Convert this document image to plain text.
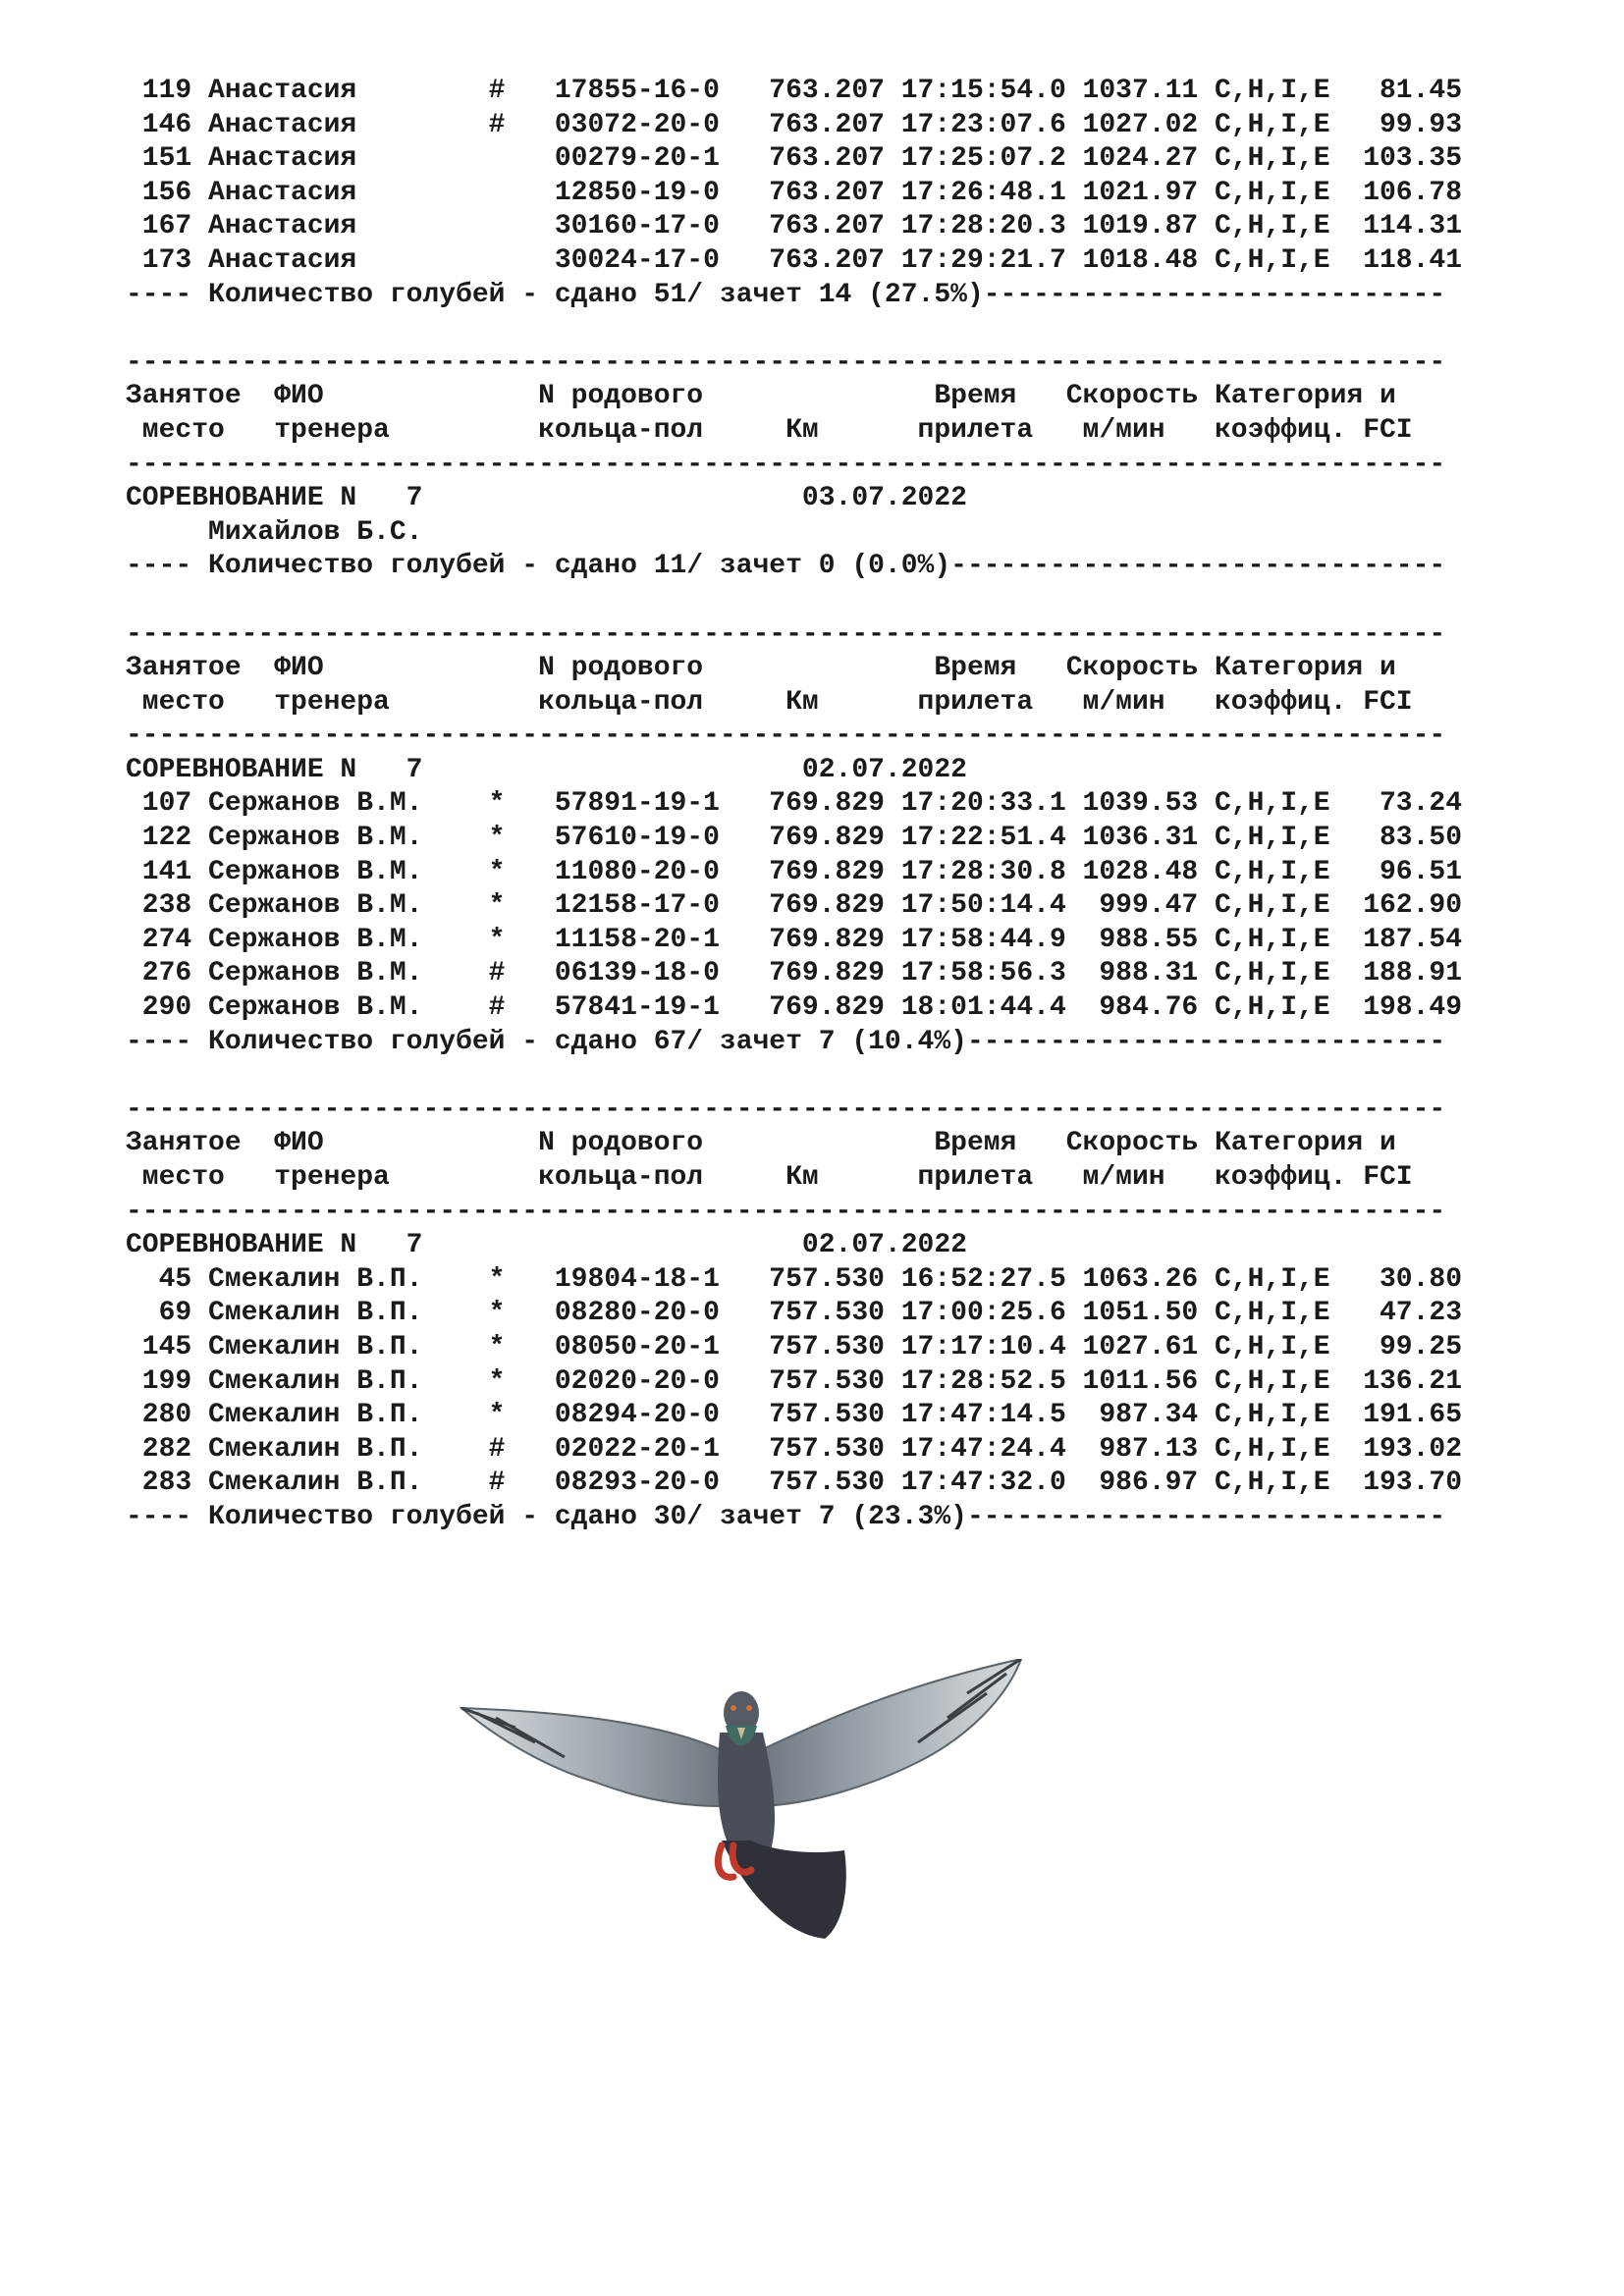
119 Анастасия        #   17855-16-0   763.207 17:15:54.0 1037.11 C,H,I,E   81.45
146 Анастасия        #   03072-20-0   763.207 17:23:07.6 1027.02 C,H,I,E   99.93
151 Анастасия            00279-20-1   763.207 17:25:07.2 1024.27 C,H,I,E  103.35
156 Анастасия            12850-19-0   763.207 17:26:48.1 1021.97 C,H,I,E  106.78
167 Анастасия            30160-17-0   763.207 17:28:20.3 1019.87 C,H,I,E  114.31
173 Анастасия            30024-17-0   763.207 17:29:21.7 1018.48 C,H,I,E  118.41
---- Количество голубей - сдано 51/ зачет 14 (27.5%)----------------------------
--------------------------------------------------------------------------------
Занятое  ФИО             N родового              Время   Скорость Категория и
место   тренера         кольца-пол     Км      прилета   м/мин   коэффиц. FCI
--------------------------------------------------------------------------------
СОРЕВНОВАНИЕ N   7                       03.07.2022
Михайлов Б.С.
---- Количество голубей - сдано 11/ зачет 0 (0.0%)------------------------------
--------------------------------------------------------------------------------
Занятое  ФИО             N родового              Время   Скорость Категория и
место   тренера         кольца-пол     Км      прилета   м/мин   коэффиц. FCI
--------------------------------------------------------------------------------
СОРЕВНОВАНИЕ N   7                       02.07.2022
107 Сержанов В.М.    *   57891-19-1   769.829 17:20:33.1 1039.53 C,H,I,E   73.24
122 Сержанов В.М.    *   57610-19-0   769.829 17:22:51.4 1036.31 C,H,I,E   83.50
141 Сержанов В.М.    *   11080-20-0   769.829 17:28:30.8 1028.48 C,H,I,E   96.51
238 Сержанов В.М.    *   12158-17-0   769.829 17:50:14.4  999.47 C,H,I,E  162.90
274 Сержанов В.М.    *   11158-20-1   769.829 17:58:44.9  988.55 C,H,I,E  187.54
276 Сержанов В.М.    #   06139-18-0   769.829 17:58:56.3  988.31 C,H,I,E  188.91
290 Сержанов В.М.    #   57841-19-1   769.829 18:01:44.4  984.76 C,H,I,E  198.49
---- Количество голубей - сдано 67/ зачет 7 (10.4%)-----------------------------
--------------------------------------------------------------------------------
Занятое  ФИО             N родового              Время   Скорость Категория и
место   тренера         кольца-пол     Км      прилета   м/мин   коэффиц. FCI
--------------------------------------------------------------------------------
СОРЕВНОВАНИЕ N   7                       02.07.2022
45 Смекалин В.П.    *   19804-18-1   757.530 16:52:27.5 1063.26 C,H,I,E   30.80
69 Смекалин В.П.    *   08280-20-0   757.530 17:00:25.6 1051.50 C,H,I,E   47.23
145 Смекалин В.П.    *   08050-20-1   757.530 17:17:10.4 1027.61 C,H,I,E   99.25
199 Смекалин В.П.    *   02020-20-0   757.530 17:28:52.5 1011.56 C,H,I,E  136.21
280 Смекалин В.П.    *   08294-20-0   757.530 17:47:14.5  987.34 C,H,I,E  191.65
282 Смекалин В.П.    #   02022-20-1   757.530 17:47:24.4  987.13 C,H,I,E  193.02
283 Смекалин В.П.    #   08293-20-0   757.530 17:47:32.0  986.97 C,H,I,E  193.70
---- Количество голубей - сдано 30/ зачет 7 (23.3%)-----------------------------
